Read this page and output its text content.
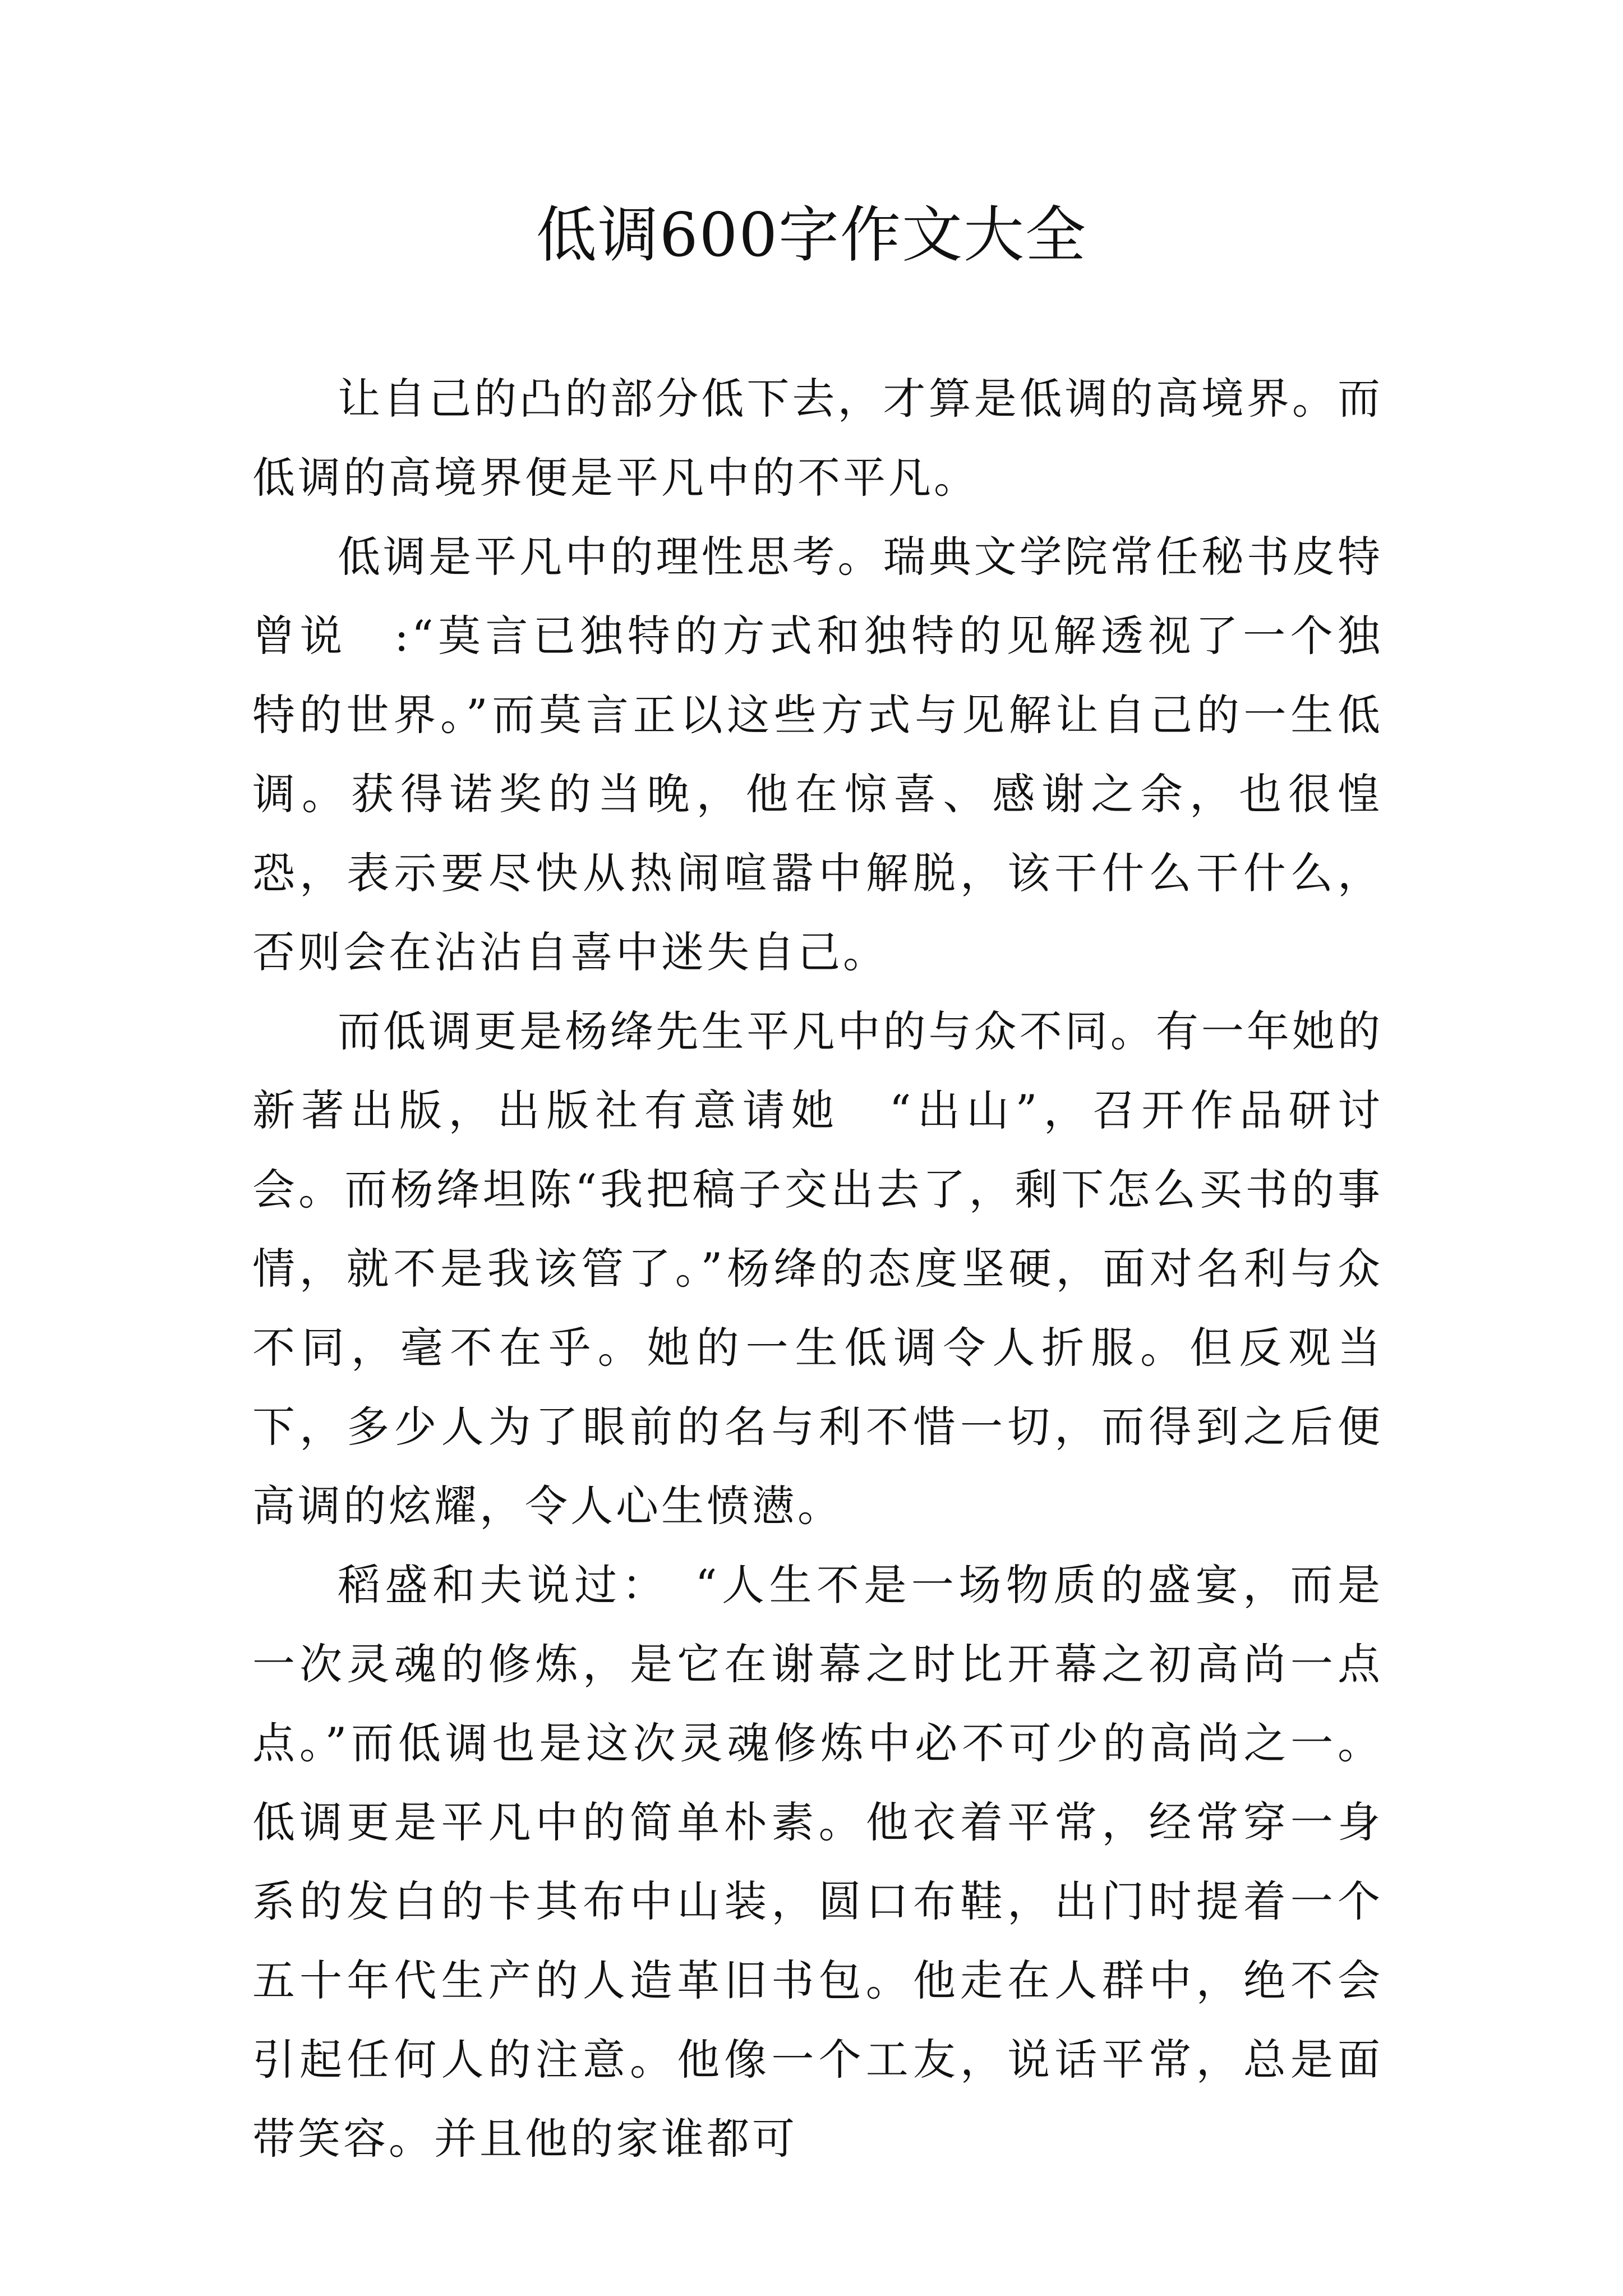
低调600字作文大全

让自己的凸的部分低下去，才算是低调的高境界。而低调的高境界便是平凡中的不平凡。

低调是平凡中的理性思考。瑞典文学院常任秘书皮特曾说　:“莫言已独特的方式和独特的见解透视了一个独特的世界。”而莫言正以这些方式与见解让自己的一生低调。获得诺奖的当晚，他在惊喜、感谢之余，也很惶恐，表示要尽快从热闹喧嚣中解脱，该干什么干什么，否则会在沾沾自喜中迷失自己。

而低调更是杨绛先生平凡中的与众不同。有一年她的新著出版，出版社有意请她　“出山”，召开作品研讨会。而杨绛坦陈“我把稿子交出去了，剩下怎么买书的事情，就不是我该管了。”杨绛的态度坚硬，面对名利与众不同，毫不在乎。她的一生低调令人折服。但反观当下，多少人为了眼前的名与利不惜一切，而得到之后便高调的炫耀，令人心生愤懑。

稻盛和夫说过：　“人生不是一场物质的盛宴，而是一次灵魂的修炼，是它在谢幕之时比开幕之初高尚一点点。”而低调也是这次灵魂修炼中必不可少的高尚之一。低调更是平凡中的简单朴素。他衣着平常，经常穿一身系的发白的卡其布中山装，圆口布鞋，出门时提着一个五十年代生产的人造革旧书包。他走在人群中，绝不会引起任何人的注意。他像一个工友，说话平常，总是面带笑容。并且他的家谁都可
